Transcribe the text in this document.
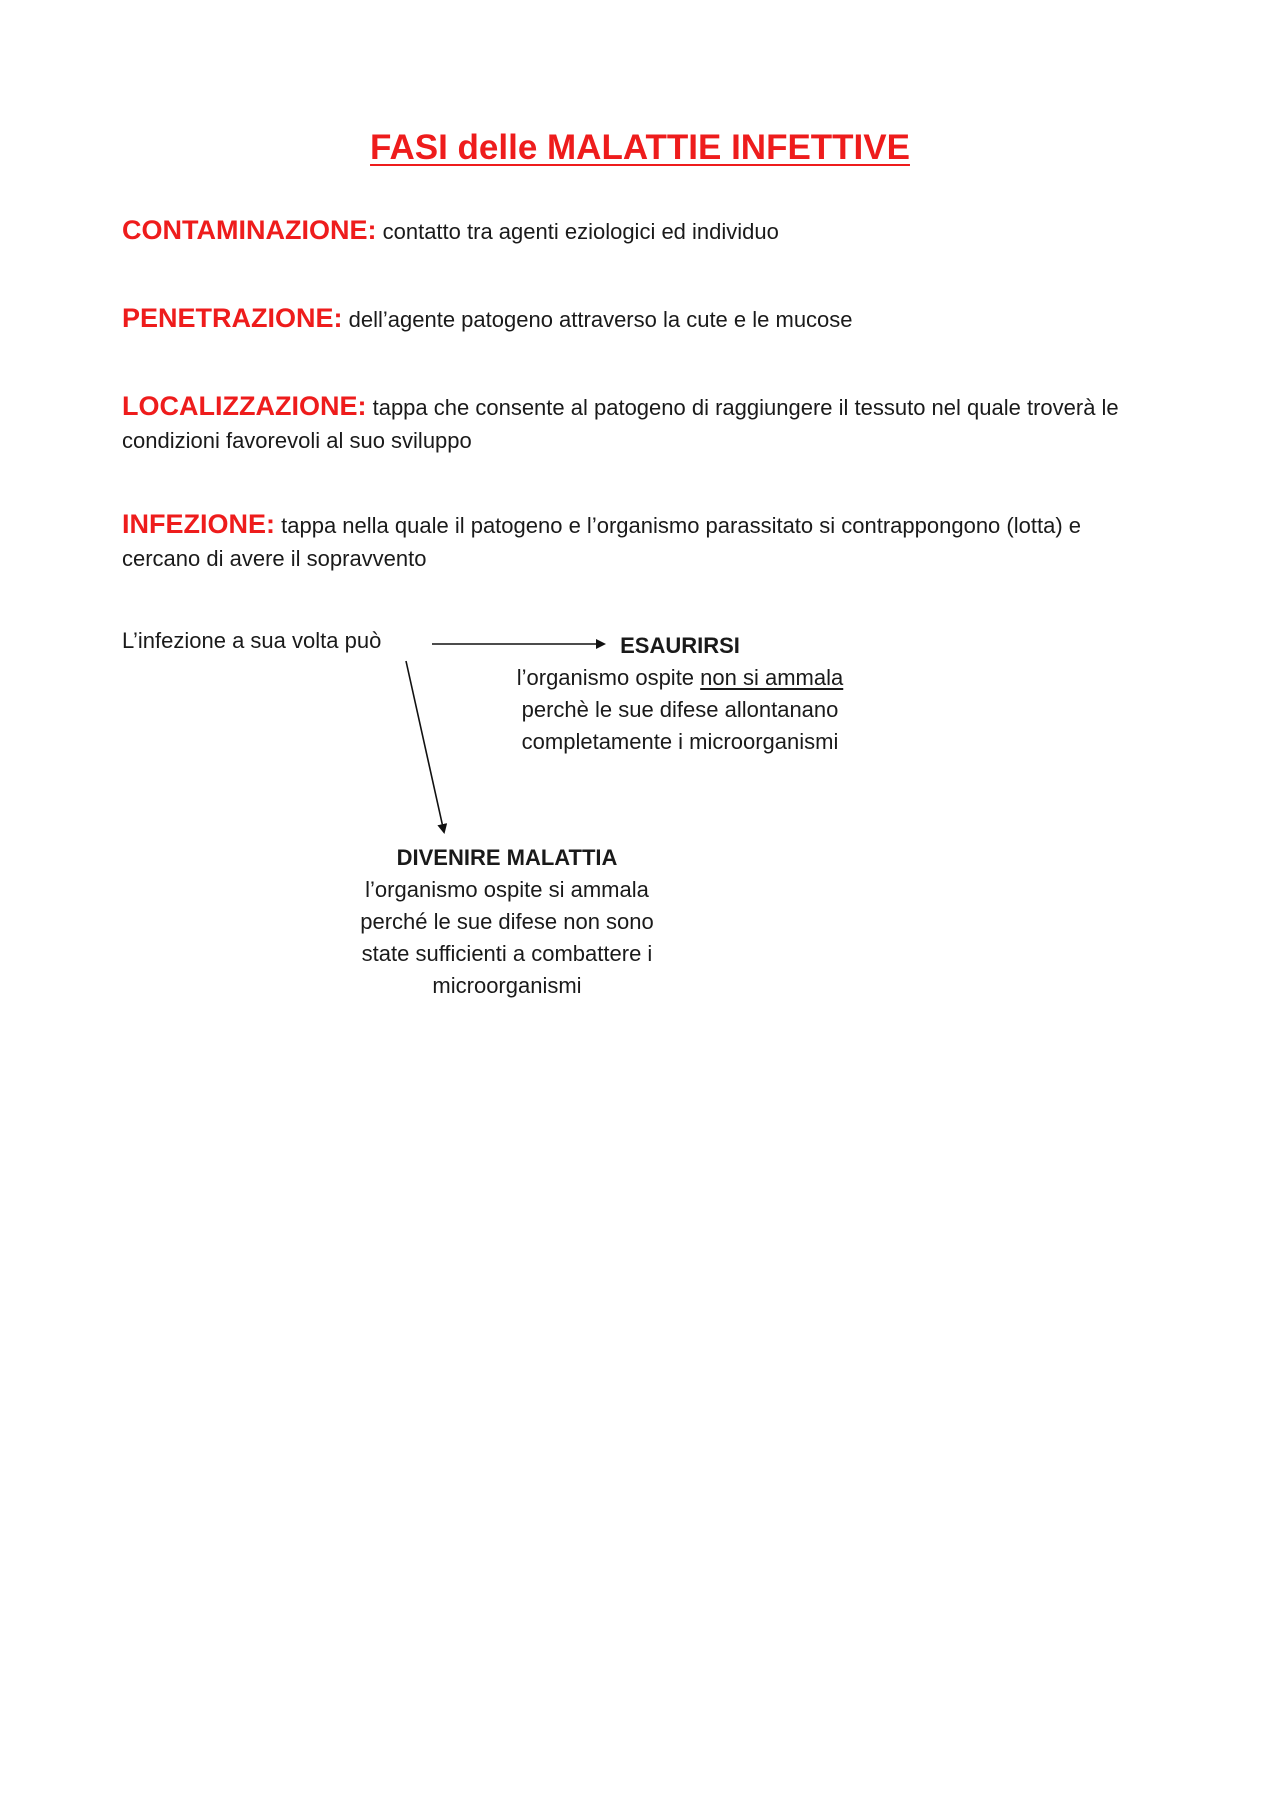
FASI delle MALATTIE INFETTIVE
CONTAMINAZIONE: contatto tra agenti eziologici ed individuo
PENETRAZIONE: dell’agente patogeno attraverso la cute e le mucose
LOCALIZZAZIONE: tappa che consente al patogeno di raggiungere il tessuto nel quale troverà le condizioni favorevoli al suo sviluppo
INFEZIONE: tappa nella quale il patogeno e l’organismo parassitato si contrappongono (lotta) e cercano di avere il sopravvento
L’infezione a sua volta può	ESAURIRSI
l’organismo ospite non si ammala
perchè le sue difese allontanano
completamente i microorganismi
DIVENIRE MALATTIA
l’organismo ospite si ammala
perché le sue difese non sono
state sufficienti a combattere i
microorganismi
